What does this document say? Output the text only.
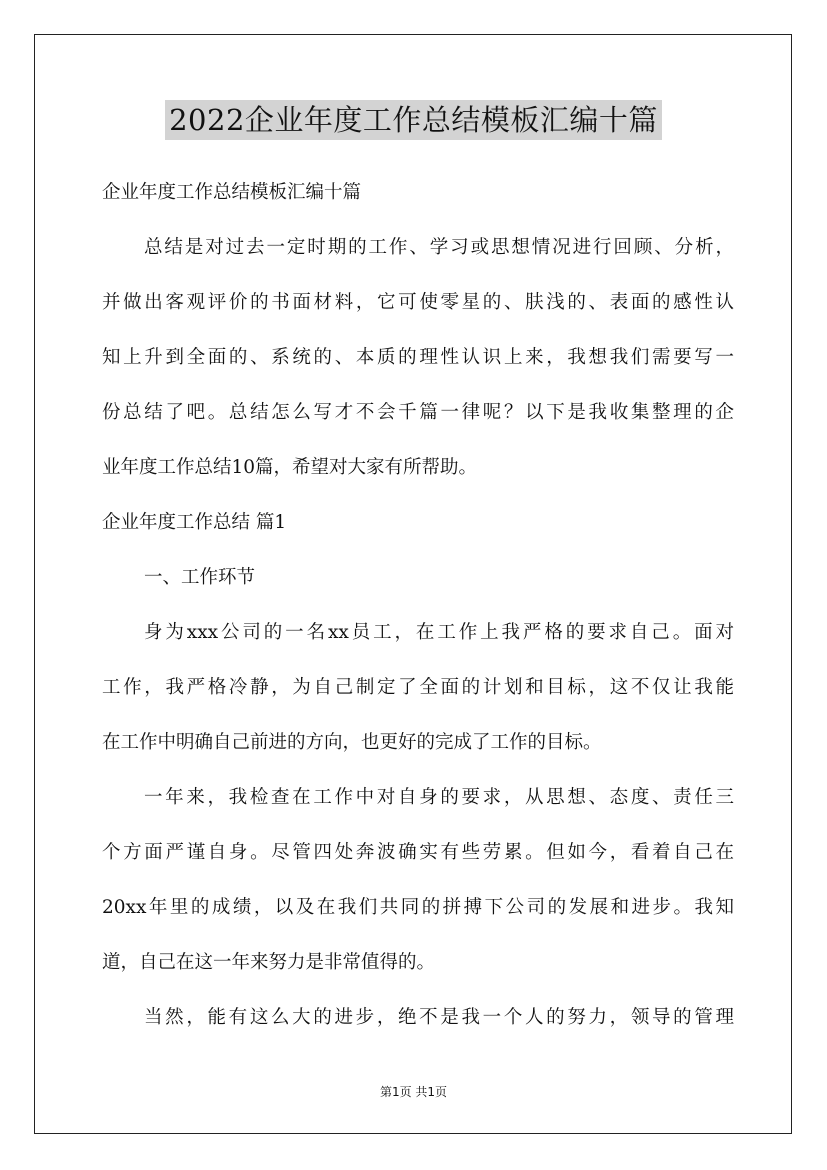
2022企业年度工作总结模板汇编十篇
企业年度工作总结模板汇编十篇
总结是对过去一定时期的工作、学习或思想情况进行回顾、分析，
并做出客观评价的书面材料，它可使零星的、肤浅的、表面的感性认
知上升到全面的、系统的、本质的理性认识上来，我想我们需要写一
份总结了吧。总结怎么写才不会千篇一律呢？以下是我收集整理的企
业年度工作总结10篇，希望对大家有所帮助。
企业年度工作总结 篇1
一、工作环节
身为xxx公司的一名xx员工，在工作上我严格的要求自己。面对
工作，我严格冷静，为自己制定了全面的计划和目标，这不仅让我能
在工作中明确自己前进的方向，也更好的完成了工作的目标。
一年来，我检查在工作中对自身的要求，从思想、态度、责任三
个方面严谨自身。尽管四处奔波确实有些劳累。但如今，看着自己在
20xx年里的成绩，以及在我们共同的拼搏下公司的发展和进步。我知
道，自己在这一年来努力是非常值得的。
当然，能有这么大的进步，绝不是我一个人的努力，领导的管理
第1页 共1页
